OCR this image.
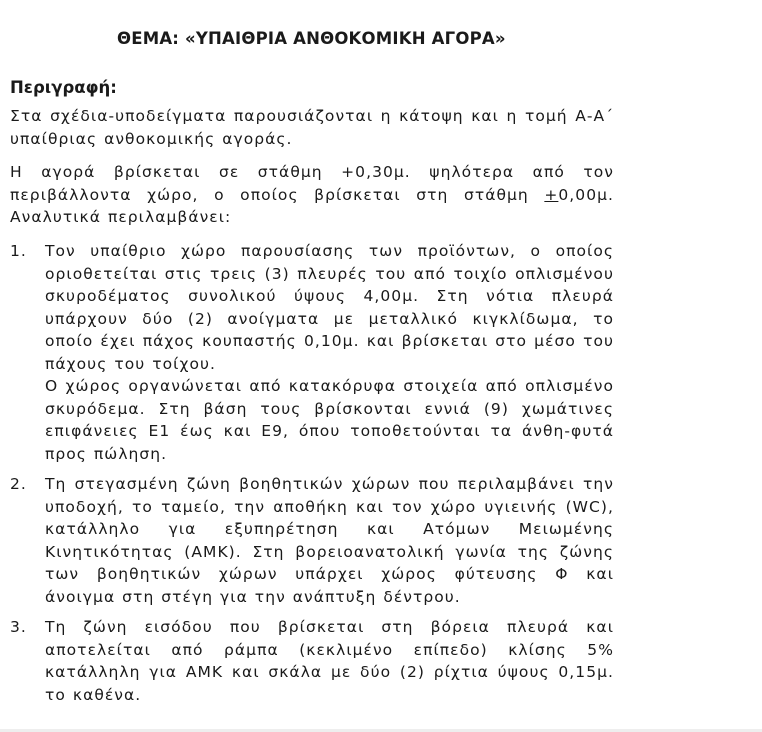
ΘΕΜΑ: «ΥΠΑΙΘΡΙΑ ΑΝΘΟΚΟΜΙΚΗ ΑΓΟΡΑ»
Περιγραφή:

Στα σχέδια-υποδείγματα παρουσιάζονται η κάτοψη και η τομή Α-Α΄ υπαίθριας ανθοκομικής αγοράς.

Η αγορά βρίσκεται σε στάθμη +0,30μ. ψηλότερα από τον περιβάλλοντα χώρο, ο οποίος βρίσκεται στη στάθμη +0,00μ. Αναλυτικά περιλαμβάνει:

1.	Τον υπαίθριο χώρο παρουσίασης των προϊόντων, ο οποίος οριοθετείται στις τρεις (3) πλευρές του από τοιχίο οπλισμένου σκυροδέματος συνολικού ύψους 4,00μ. Στη νότια πλευρά υπάρχουν δύο (2) ανοίγματα με μεταλλικό κιγκλίδωμα, το οποίο έχει πάχος κουπαστής 0,10μ. και βρίσκεται στο μέσο του πάχους του τοίχου.

Ο χώρος οργανώνεται από κατακόρυφα στοιχεία από οπλισμένο σκυρόδεμα. Στη βάση τους βρίσκονται εννιά (9) χωμάτινες επιφάνειες Ε1 έως και Ε9, όπου τοποθετούνται τα άνθη-φυτά προς πώληση.

2.	Τη στεγασμένη ζώνη βοηθητικών χώρων που περιλαμβάνει την υποδοχή, το ταμείο, την αποθήκη και τον χώρο υγιεινής (WC), κατάλληλο για εξυπηρέτηση και Ατόμων Μειωμένης Κινητικότητας (ΑΜΚ). Στη βορειοανατολική γωνία της ζώνης των βοηθητικών χώρων υπάρχει χώρος φύτευσης Φ και άνοιγμα στη στέγη για την ανάπτυξη δέντρου.

3.	Τη ζώνη εισόδου που βρίσκεται στη βόρεια πλευρά και αποτελείται από ράμπα (κεκλιμένο επίπεδο) κλίσης 5% κατάλληλη για ΑΜΚ και σκάλα με δύο (2) ρίχτια ύψους 0,15μ. το καθένα.
